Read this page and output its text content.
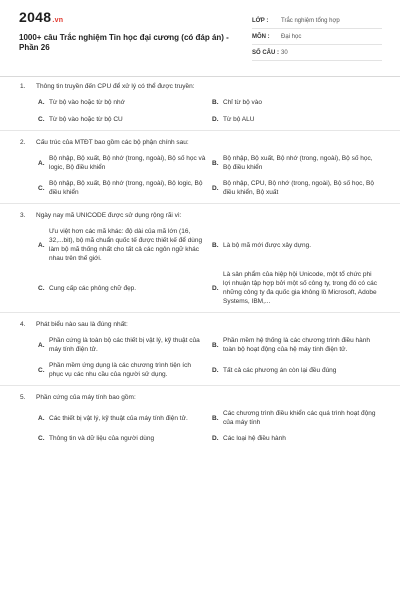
2048.vn
1000+ câu Trắc nghiệm Tin học đại cương (có đáp án) - Phần 26
LỚP :	Trắc nghiệm tổng hợp
MÔN :	Đại học
SỐ CÂU : 30
1.	Thông tin truyền đến CPU để xử lý có thể được truyền:
A. Từ bộ vào hoặc từ bộ nhớ	B. Chỉ từ bộ vào
C. Từ bộ vào hoặc từ bộ CU	D. Từ bộ ALU
2.	Cấu trúc của MTĐT bao gồm các bộ phận chính sau:
A.
Bộ nhập, Bộ xuất, Bộ nhớ (trong, ngoài), Bộ số học và logic, Bộ điều khiển
B.
Bộ nhập, Bộ xuất, Bộ nhớ (trong, ngoài), Bộ số học, Bộ điều khiển
C.
Bộ nhập, Bộ xuất, Bộ nhớ (trong, ngoài), Bộ logic, Bộ điều khiển
D.
Bộ nhập, CPU, Bộ nhớ (trong, ngoài), Bộ số học, Bộ điều khiển, Bộ xuất
3.	Ngày nay mã UNICODE được sử dụng rộng rãi vì:
A.
Ưu việt hơn các mã khác: độ dài của mã lớn (16, 32,...bit), bộ mã chuẩn quốc tế được thiết kế để dùng làm bộ mã thống nhất cho tất cả các ngôn ngữ khác nhau trên thế giới.
B. Là bộ mã mới được xây dựng.
C. Cung cấp các phông chữ đẹp.	D.
Là sản phẩm của hiệp hội Unicode, một tổ chức phi lợi nhuận tập hợp bởi một số công ty, trong đó có các những công ty đa quốc gia không lồ Microsoft, Adobe Systems, IBM,...
4.	Phát biểu nào sau là đúng nhất:
A.
Phần cứng là toàn bộ các thiết bị vật lý, kỹ thuật của máy tính điện tử.
B.
Phần mềm hệ thống là các chương trình điều hành toàn bộ hoạt động của hệ máy tính điện tử.
C.
Phần mềm ứng dụng là các chương trình tiện ích phục vụ các nhu cầu của người sử dụng.
D. Tất cả các phương án còn lại đều đúng
5.	Phần cứng của máy tính bao gồm:
A. Các thiết bị vật lý, kỹ thuật của máy tính điện tử.	B.
Các chương trình điều khiển các quá trình hoạt động của máy tính
C. Thông tin và dữ liệu của người dùng	D. Các loại hệ điều hành
